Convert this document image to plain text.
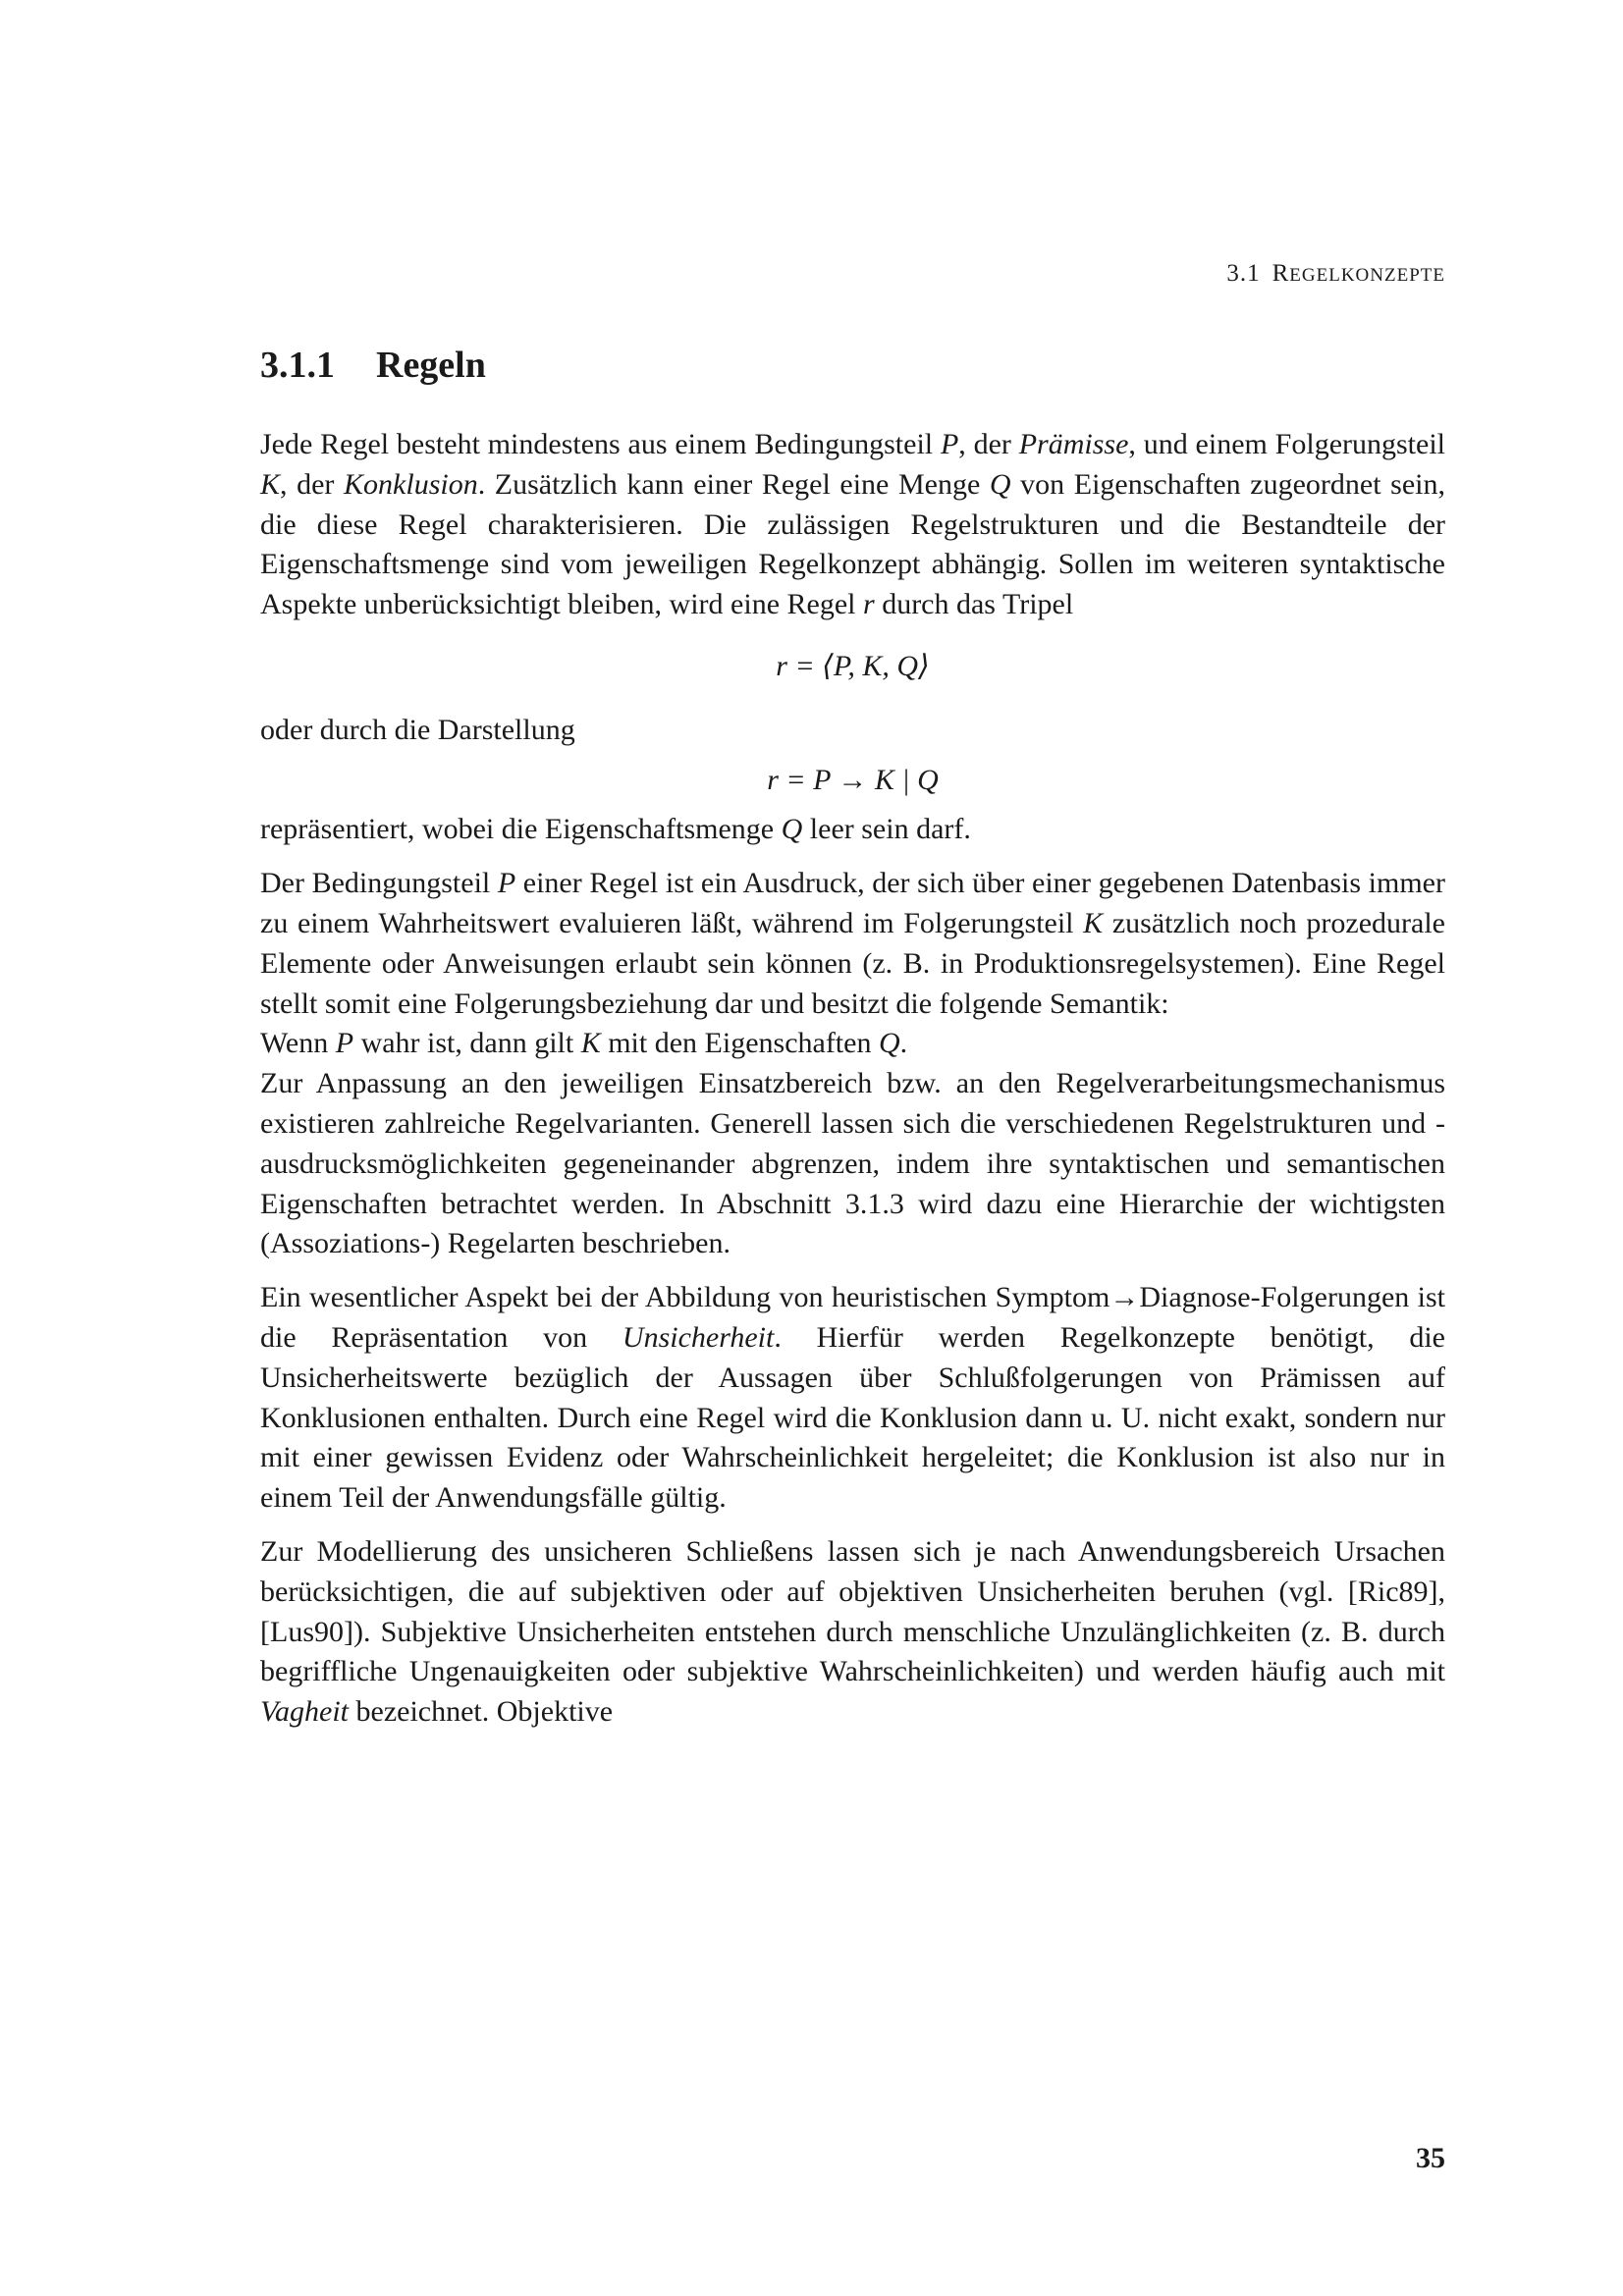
3.1 REGELKONZEPTE
3.1.1 Regeln

Jede Regel besteht mindestens aus einem Bedingungsteil P, der Prämisse, und einem Folgerungsteil K, der Konklusion. Zusätzlich kann einer Regel eine Menge Q von Eigenschaften zugeordnet sein, die diese Regel charakterisieren. Die zulässigen Regelstrukturen und die Bestandteile der Eigenschaftsmenge sind vom jeweiligen Regelkonzept abhängig. Sollen im weiteren syntaktische Aspekte unberücksichtigt bleiben, wird eine Regel r durch das Tripel

r = ⟨P, K, Q⟩
oder durch die Darstellung
r = P → K | Q

repräsentiert, wobei die Eigenschaftsmenge Q leer sein darf.

Der Bedingungsteil P einer Regel ist ein Ausdruck, der sich über einer gegebenen Datenbasis immer zu einem Wahrheitswert evaluieren läßt, während im Folgerungsteil K zusätzlich noch prozedurale Elemente oder Anweisungen erlaubt sein können (z. B. in Produktionsregelsystemen). Eine Regel stellt somit eine Folgerungsbeziehung dar und besitzt die folgende Semantik:

Wenn P wahr ist, dann gilt K mit den Eigenschaften Q.

Zur Anpassung an den jeweiligen Einsatzbereich bzw. an den Regelverarbeitungsmechanismus existieren zahlreiche Regelvarianten. Generell lassen sich die verschiedenen Regelstrukturen und -ausdrucksmöglichkeiten gegeneinander abgrenzen, indem ihre syntaktischen und semantischen Eigenschaften betrachtet werden. In Abschnitt 3.1.3 wird dazu eine Hierarchie der wichtigsten (Assoziations-) Regelarten beschrieben.

Ein wesentlicher Aspekt bei der Abbildung von heuristischen Symptom→Diagnose-Folgerungen ist die Repräsentation von Unsicherheit. Hierfür werden Regelkonzepte benötigt, die Unsicherheitswerte bezüglich der Aussagen über Schlußfolgerungen von Prämissen auf Konklusionen enthalten. Durch eine Regel wird die Konklusion dann u. U. nicht exakt, sondern nur mit einer gewissen Evidenz oder Wahrscheinlichkeit hergeleitet; die Konklusion ist also nur in einem Teil der Anwendungsfälle gültig.

Zur Modellierung des unsicheren Schließens lassen sich je nach Anwendungsbereich Ursachen berücksichtigen, die auf subjektiven oder auf objektiven Unsicherheiten beruhen (vgl. [Ric89], [Lus90]). Subjektive Unsicherheiten entstehen durch menschliche Unzulänglichkeiten (z. B. durch begriffliche Ungenauigkeiten oder subjektive Wahrscheinlichkeiten) und werden häufig auch mit Vagheit bezeichnet. Objektive

35
